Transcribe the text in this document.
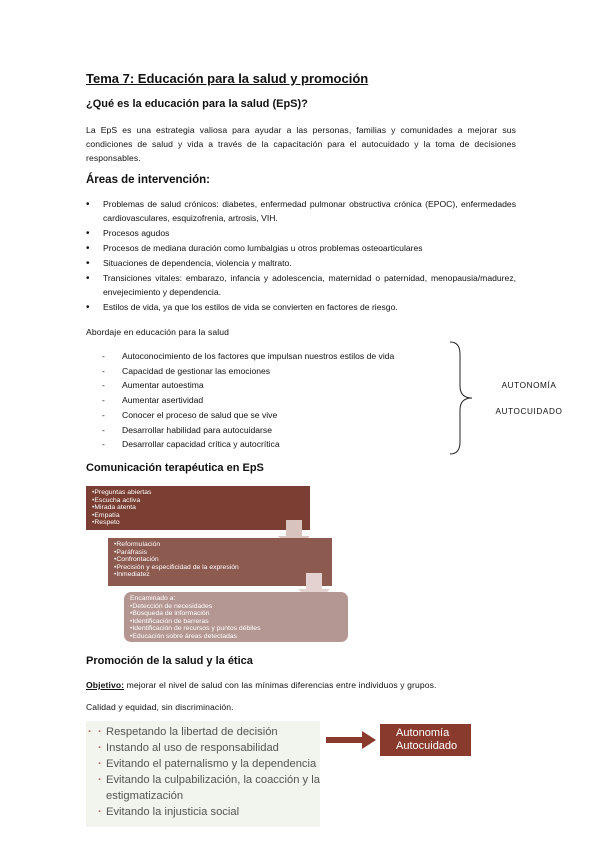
Tema 7: Educación para la salud y promoción
¿Qué es la educación para la salud (EpS)?
La EpS es una estrategia valiosa para ayudar a las personas, familias y comunidades a mejorar sus condiciones de salud y vida a través de la capacitación para el autocuidado y la toma de decisiones responsables.
Áreas de intervención:
• Problemas de salud crónicos: diabetes, enfermedad pulmonar obstructiva crónica (EPOC), enfermedades cardiovasculares, esquizofrenia, artrosis, VIH.
• Procesos agudos
• Procesos de mediana duración como lumbalgias u otros problemas osteoarticulares
• Situaciones de dependencia, violencia y maltrato.
• Transiciones vitales: embarazo, infancia y adolescencia, maternidad o paternidad, menopausia/madurez, envejecimiento y dependencia.
• Estilos de vida, ya que los estilos de vida se convierten en factores de riesgo.
Abordaje en educación para la salud
- Autoconocimiento de los factores que impulsan nuestros estilos de vida
- Capacidad de gestionar las emociones
- Aumentar autoestima
- Aumentar asertividad
- Conocer el proceso de salud que se vive
- Desarrollar habilidad para autocuidarse
- Desarrollar capacidad crítica y autocrítica
AUTONOMÍA
AUTOCUIDADO
Comunicación terapéutica en EpS
• Preguntas abiertas
• Escucha activa
• Mirada atenta
• Empatía
• Respeto
• Reformulación
• Paráfrasis
• Confrontación
• Precisión y especificidad de la expresión
• Inmediatez
Encaminado a:
• Detección de necesidades
• Búsqueda de información
• Identificación de barreras
• Identificación de recursos y puntos débiles
• Educación sobre áreas detectadas
Promoción de la salud y la ética
Objetivo: mejorar el nivel de salud con las mínimas diferencias entre individuos y grupos.
Calidad y equidad, sin discriminación.
· · Respetando la libertad de decisión
· Instando al uso de responsabilidad
· Evitando el paternalismo y la dependencia
· Evitando la culpabilización, la coacción y la estigmatización
· Evitando la injusticia social
Autonomía
Autocuidado
